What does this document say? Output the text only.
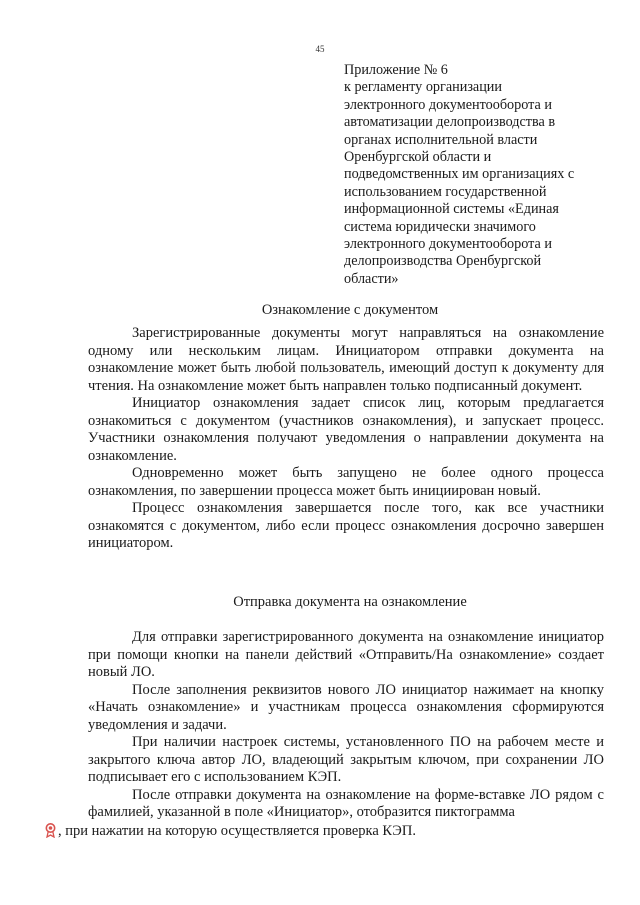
45
Приложение № 6
к регламенту организации
электронного документооборота и
автоматизации делопроизводства в
органах исполнительной власти
Оренбургской области и
подведомственных им организациях с
использованием государственной
информационной системы «Единая
система юридически значимого
электронного документооборота и
делопроизводства Оренбургской
области»
Ознакомление с документом

Зарегистрированные документы могут направляться на ознакомление одному или нескольким лицам. Инициатором отправки документа на ознакомление может быть любой пользователь, имеющий доступ к документу для чтения. На ознакомление может быть направлен только подписанный документ.

Инициатор ознакомления задает список лиц, которым предлагается ознакомиться с документом (участников ознакомления), и запускает процесс. Участники ознакомления получают уведомления о направлении документа на ознакомление.

Одновременно может быть запущено не более одного процесса ознакомления, по завершении процесса может быть инициирован новый.

Процесс ознакомления завершается после того, как все участники ознакомятся с документом, либо если процесс ознакомления досрочно завершен инициатором.

Отправка документа на ознакомление

Для отправки зарегистрированного документа на ознакомление инициатор при помощи кнопки на панели действий «Отправить/На ознакомление» создает новый ЛО.

После заполнения реквизитов нового ЛО инициатор нажимает на кнопку «Начать ознакомление» и участникам процесса ознакомления сформируются уведомления и задачи.

При наличии настроек системы, установленного ПО на рабочем месте и закрытого ключа автор ЛО, владеющий закрытым ключом, при сохранении ЛО подписывает его с использованием КЭП.

После отправки документа на ознакомление на форме-вставке ЛО рядом с фамилией, указанной в поле «Инициатор», отобразится пиктограмма

, при нажатии на которую осуществляется проверка КЭП.
